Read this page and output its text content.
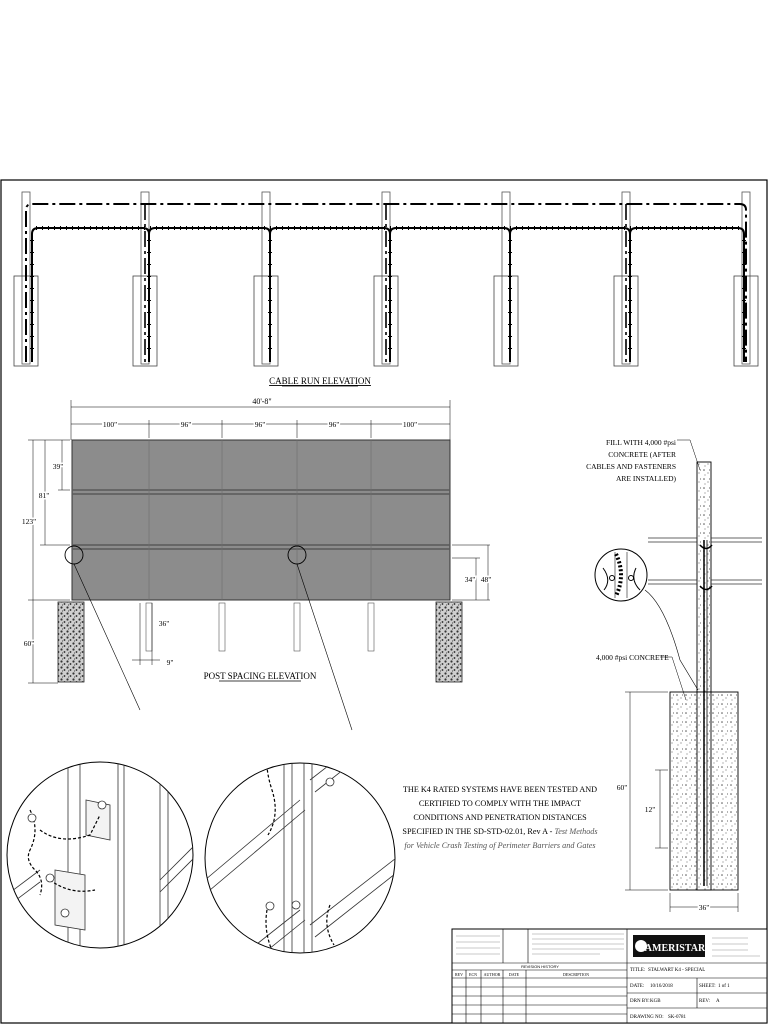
CABLE RUN ELEVATION
40'-8"
100"	96"	96"	96"	100"
39"
81"
123"
60"
34" 48"
36"
9"
POST SPACING ELEVATION
FILL WITH 4,000 #psi
CONCRETE (AFTER
CABLES AND FASTENERS
ARE INSTALLED)
4,000 #psi CONCRETE
60"
12"
36"
THE K4 RATED SYSTEMS HAVE BEEN TESTED AND
CERTIFIED TO COMPLY WITH THE IMPACT
CONDITIONS AND PENETRATION DISTANCES
SPECIFIED IN THE SD-STD-02.01, Rev A - Test Methods
for Vehicle Crash Testing of Perimeter Barriers and Gates
AMERISTAR
REVISION HISTORY
REV ECN AUTHOR DATE	DESCRIPTION
TITLE: STALWART K4 - SPECIAL
DATE: 10/16/2018	SHEET: 1 of 1
DRN BY: KGB	REV: A
DRAWING NO: SK-0781
